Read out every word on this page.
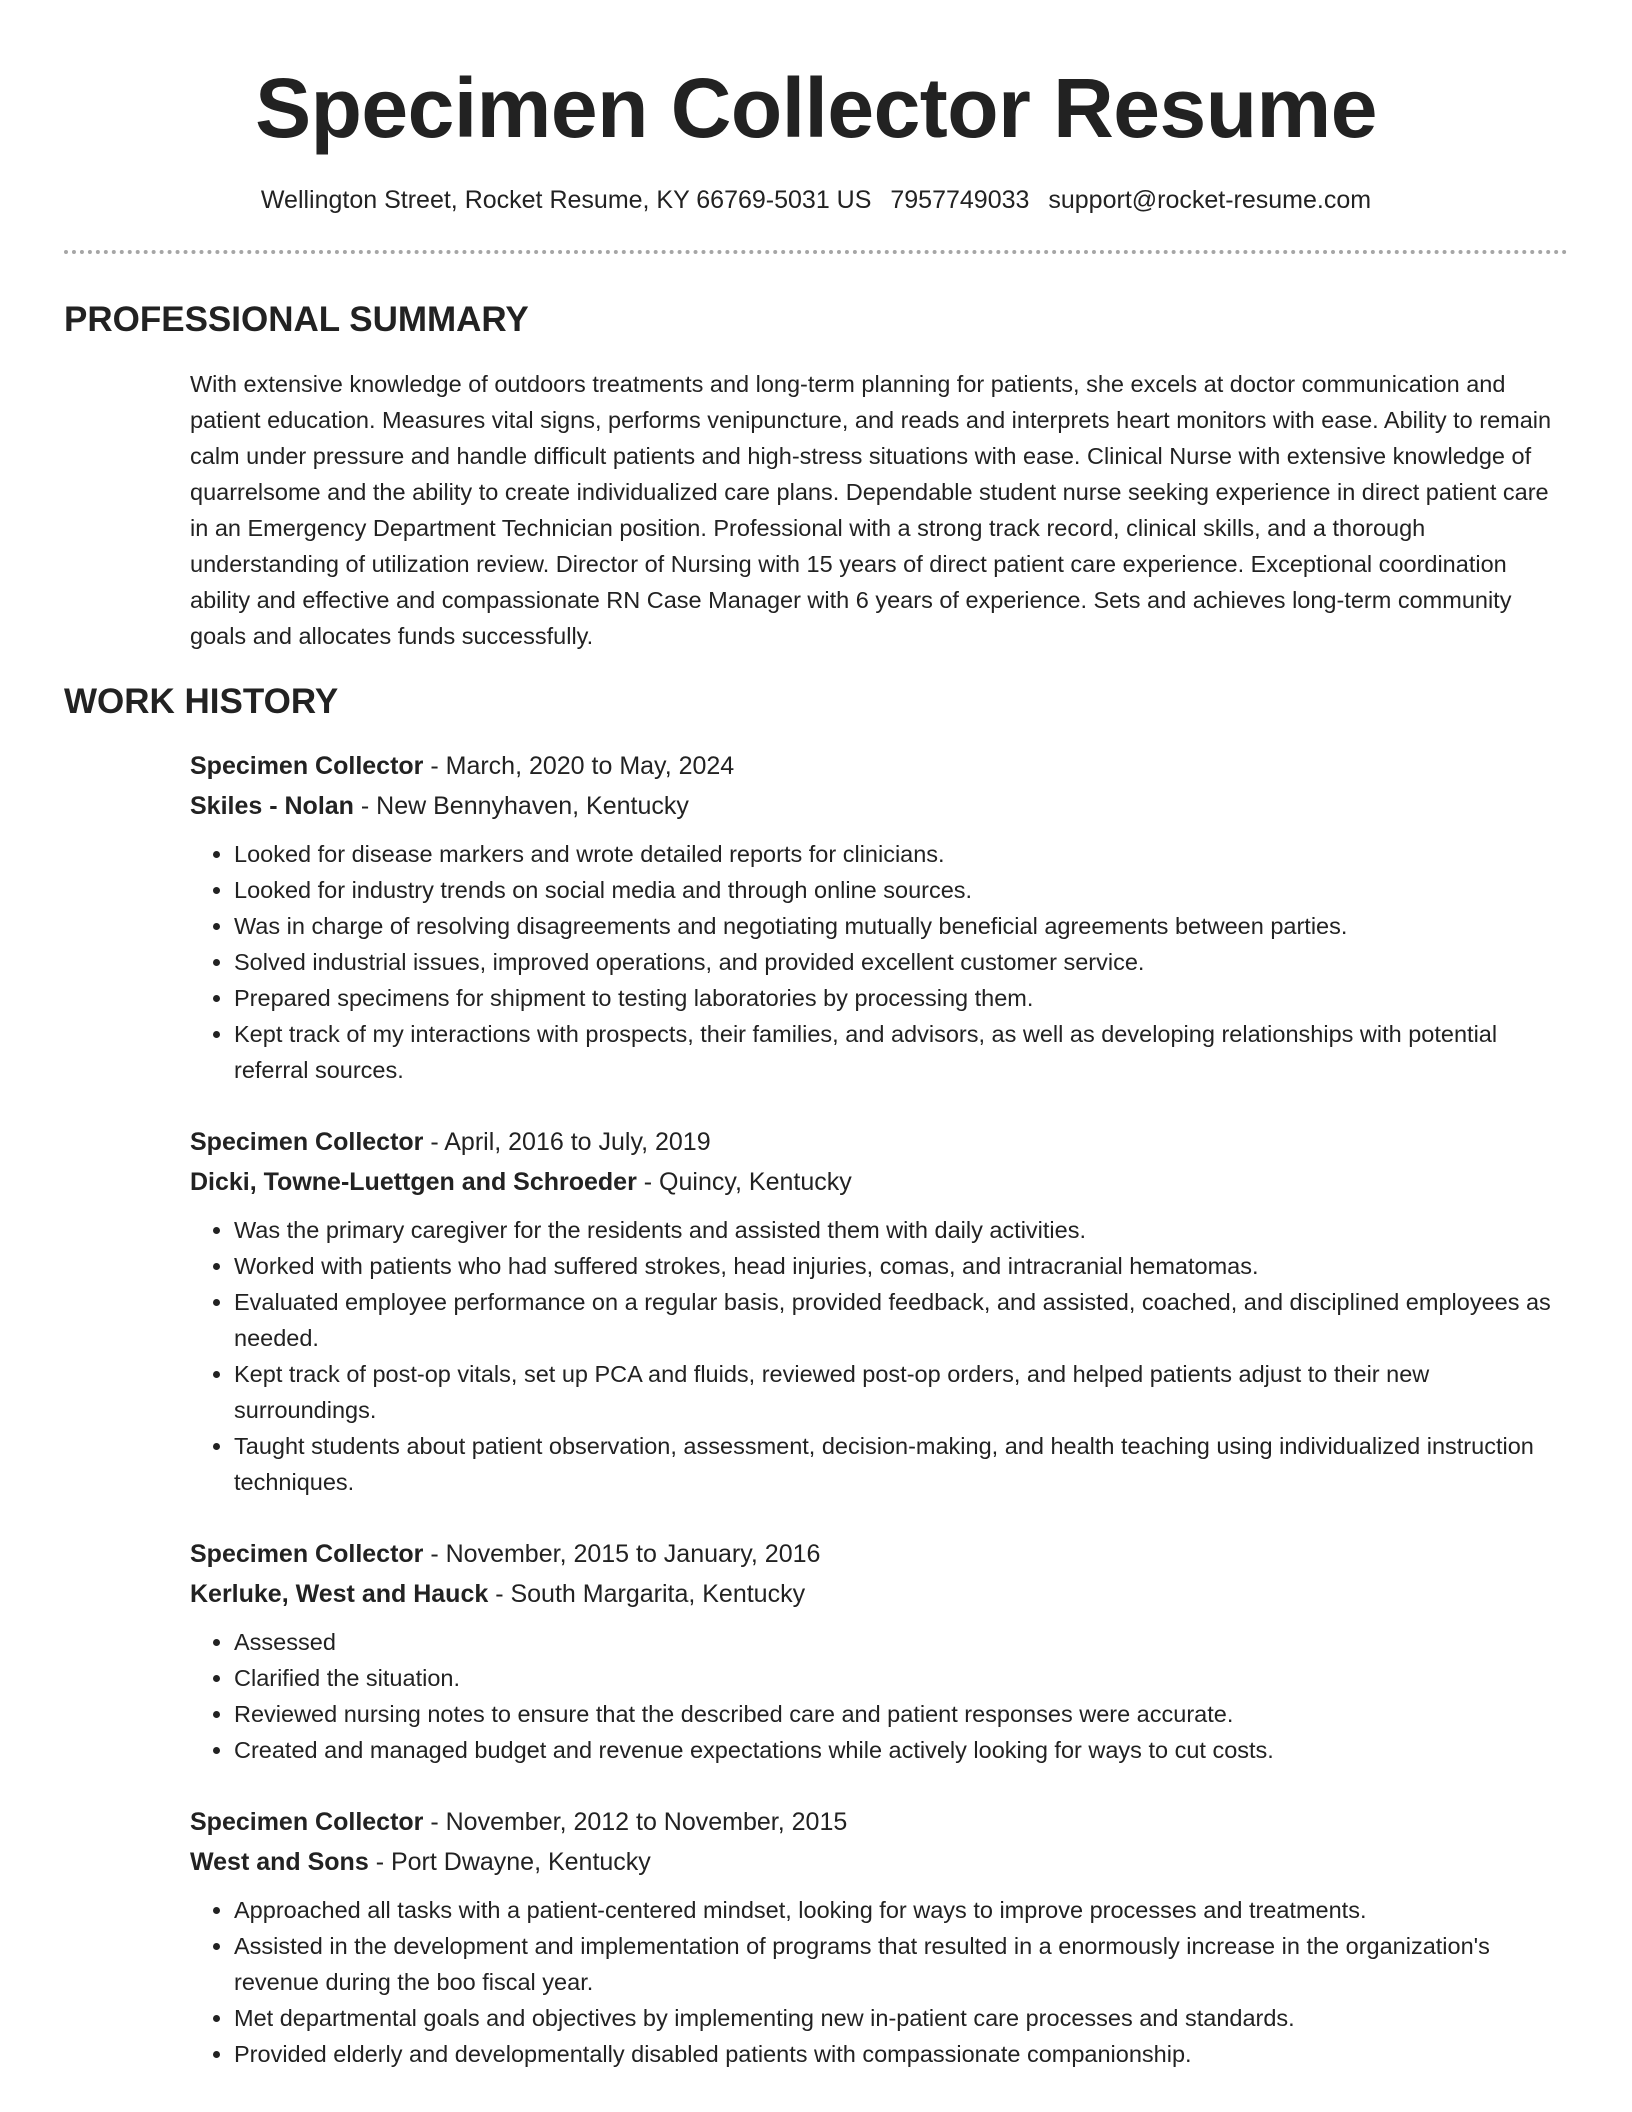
Specimen Collector Resume
Wellington Street, Rocket Resume, KY 66769-5031 US 7957749033 support@rocket-resume.com
PROFESSIONAL SUMMARY
With extensive knowledge of outdoors treatments and long-term planning for patients, she excels at doctor communication and patient education. Measures vital signs, performs venipuncture, and reads and interprets heart monitors with ease. Ability to remain calm under pressure and handle difficult patients and high-stress situations with ease. Clinical Nurse with extensive knowledge of quarrelsome and the ability to create individualized care plans. Dependable student nurse seeking experience in direct patient care in an Emergency Department Technician position. Professional with a strong track record, clinical skills, and a thorough understanding of utilization review. Director of Nursing with 15 years of direct patient care experience. Exceptional coordination ability and effective and compassionate RN Case Manager with 6 years of experience. Sets and achieves long-term community goals and allocates funds successfully.
WORK HISTORY
Specimen Collector - March, 2020 to May, 2024
Skiles - Nolan - New Bennyhaven, Kentucky
• Looked for disease markers and wrote detailed reports for clinicians.
• Looked for industry trends on social media and through online sources.
• Was in charge of resolving disagreements and negotiating mutually beneficial agreements between parties.
• Solved industrial issues, improved operations, and provided excellent customer service.
• Prepared specimens for shipment to testing laboratories by processing them.
• Kept track of my interactions with prospects, their families, and advisors, as well as developing relationships with potential referral sources.
Specimen Collector - April, 2016 to July, 2019
Dicki, Towne-Luettgen and Schroeder - Quincy, Kentucky
• Was the primary caregiver for the residents and assisted them with daily activities.
• Worked with patients who had suffered strokes, head injuries, comas, and intracranial hematomas.
• Evaluated employee performance on a regular basis, provided feedback, and assisted, coached, and disciplined employees as needed.
• Kept track of post-op vitals, set up PCA and fluids, reviewed post-op orders, and helped patients adjust to their new surroundings.
• Taught students about patient observation, assessment, decision-making, and health teaching using individualized instruction techniques.
Specimen Collector - November, 2015 to January, 2016
Kerluke, West and Hauck - South Margarita, Kentucky
• Assessed
• Clarified the situation.
• Reviewed nursing notes to ensure that the described care and patient responses were accurate.
• Created and managed budget and revenue expectations while actively looking for ways to cut costs.
Specimen Collector - November, 2012 to November, 2015
West and Sons - Port Dwayne, Kentucky
• Approached all tasks with a patient-centered mindset, looking for ways to improve processes and treatments.
• Assisted in the development and implementation of programs that resulted in a enormously increase in the organization's revenue during the boo fiscal year.
• Met departmental goals and objectives by implementing new in-patient care processes and standards.
• Provided elderly and developmentally disabled patients with compassionate companionship.
